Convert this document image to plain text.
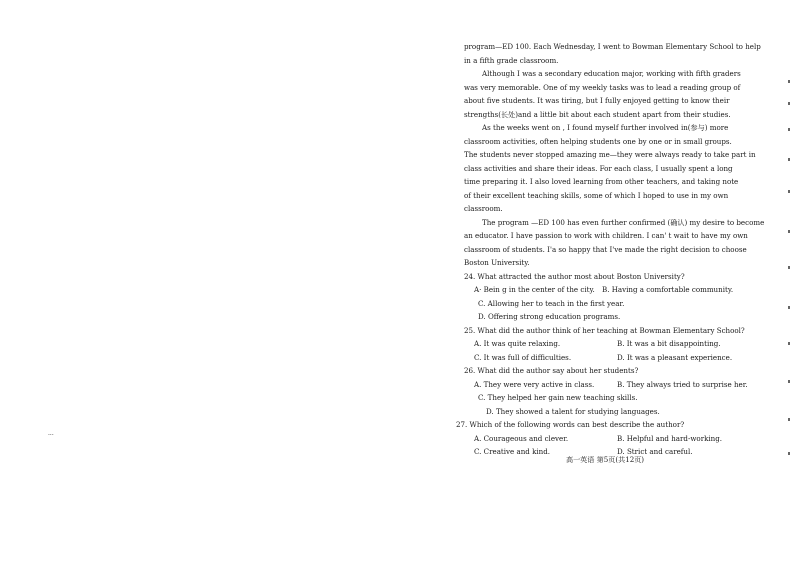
...
program—ED 100. Each Wednesday, I went to Bowman Elementary School to help
in a fifth grade classroom.
Although I was a secondary education major, working with fifth graders
was very memorable. One of my weekly tasks was to lead a reading group of
about five students. It was tiring, but I fully enjoyed getting to know their
strengths(长处)and a little bit about each student apart from their studies.
As the weeks went on , I found myself further involved in(参与) more
classroom activities, often helping students one by one or in small groups.
The students never stopped amazing me—they were always ready to take part in
class activities and share their ideas. For each class, I usually spent a long
time preparing it. I also loved learning from other teachers, and taking note
of their excellent teaching skills, some of which I hoped to use in my own
classroom.
The program —ED 100 has even further confirmed (确认) my desire to become
an educator. I have passion to work with children. I can' t wait to have my own
classroom of students. I'a so happy that I've made the right decision to choose
Boston University.
24. What attracted the author most about Boston University?
A· Bein g in the center of the city. B. Having a comfortable community.
C. Allowing her to teach in the first year.
D. Offering strong education programs.
25. What did the author think of her teaching at Bowman Elementary School?
A. It was quite relaxing.	B. It was a bit disappointing.
C. It was full of difficulties.	D. It was a pleasant experience.
26. What did the author say about her students?
A. They were very active in class.	B. They always tried to surprise her.
C. They helped her gain new teaching skills.
D. They showed a talent for studying languages.
27. Which of the following words can best describe the author?
A. Courageous and clever.	B. Helpful and hard-working.
C. Creative and kind.	D. Strict and careful.
高一英语 第5页(共12页)
